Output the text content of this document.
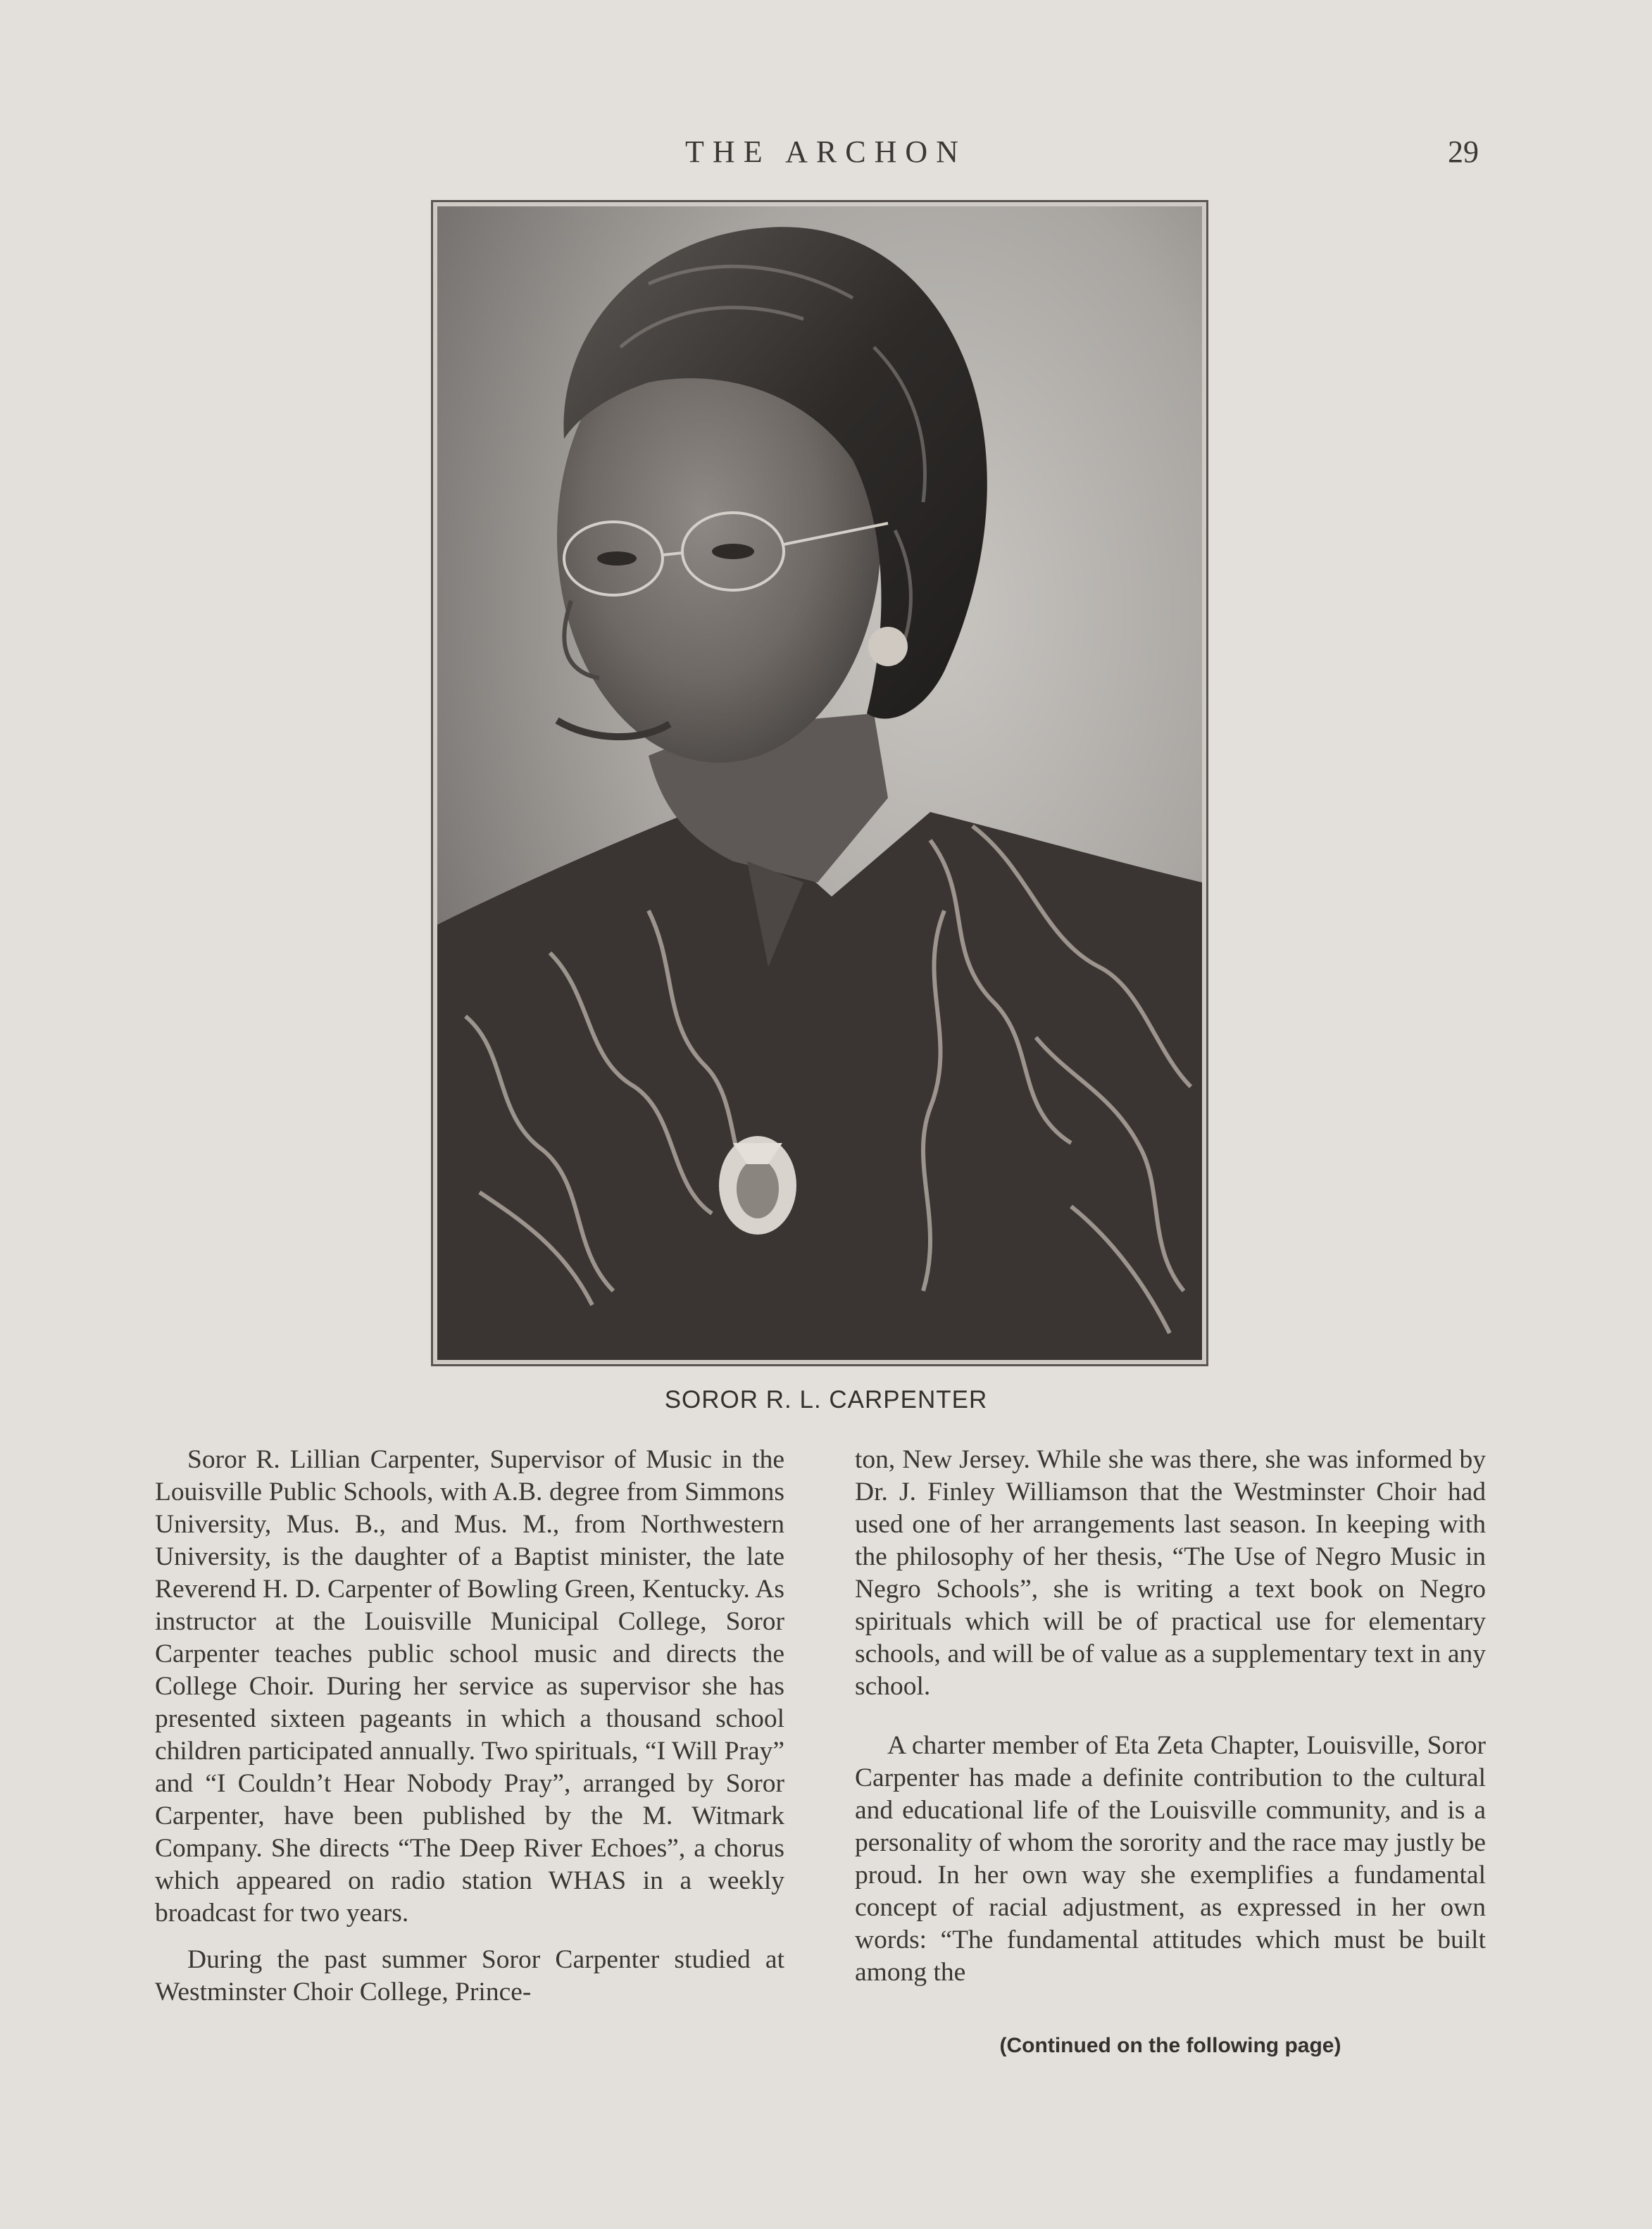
THE ARCHON	29
SOROR R. L. CARPENTER

Soror R. Lillian Carpenter, Supervisor of Music in the Louisville Public Schools, with A.B. degree from Simmons University, Mus. B., and Mus. M., from Northwestern University, is the daughter of a Baptist minister, the late Reverend H. D. Carpenter of Bowling Green, Kentucky. As instructor at the Louisville Municipal College, Soror Carpenter teaches public school music and directs the College Choir. During her service as supervisor she has presented sixteen pageants in which a thousand school children participated annually. Two spirituals, “I Will Pray” and “I Couldn’t Hear Nobody Pray”, arranged by Soror Carpenter, have been published by the M. Witmark Company. She directs “The Deep River Echoes”, a chorus which appeared on radio station WHAS in a weekly broadcast for two years.

During the past summer Soror Carpenter studied at Westminster Choir College, Prince-

ton, New Jersey. While she was there, she was informed by Dr. J. Finley Williamson that the Westminster Choir had used one of her arrangements last season. In keeping with the philosophy of her thesis, “The Use of Negro Music in Negro Schools”, she is writing a text book on Negro spirituals which will be of practical use for elementary schools, and will be of value as a supplementary text in any school.

A charter member of Eta Zeta Chapter, Louisville, Soror Carpenter has made a definite contribution to the cultural and educational life of the Louisville community, and is a personality of whom the sorority and the race may justly be proud. In her own way she exemplifies a fundamental concept of racial adjustment, as expressed in her own words: “The fundamental attitudes which must be built among the

(Continued on the following page)
